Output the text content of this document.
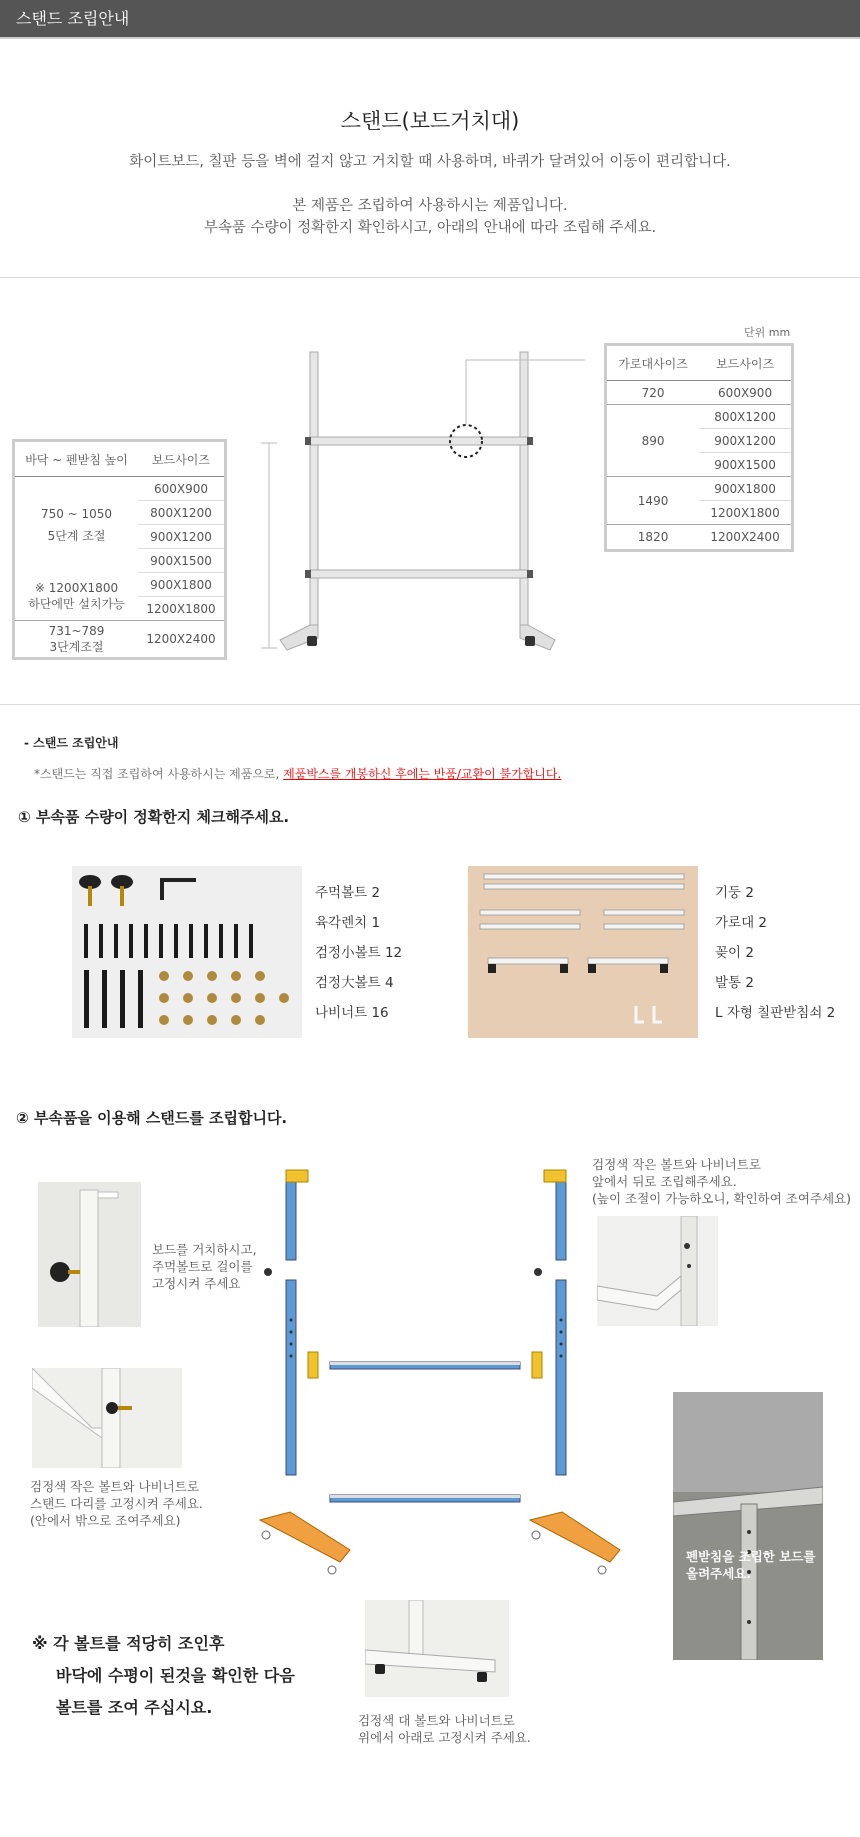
스탠드 조립안내
스탠드(보드거치대)
화이트보드, 칠판 등을 벽에 걸지 않고 거치할 때 사용하며, 바퀴가 달려있어 이동이 편리합니다.
본 제품은 조립하여 사용하시는 제품입니다.
부속품 수량이 정확한지 확인하시고, 아래의 안내에 따라 조립해 주세요.
바닥 ~ 펜받침 높이	보드사이즈

750 ~ 1050
5단계 조절	600X900
	800X1200
	900X1200
	900X1500

※ 1200X1800
하단에만 설치가능	900X1800
	1200X1800

731~789
3단계조절	1200X2400
단위 mm
가로대사이즈	보드사이즈
720	600X900
890	800X1200
	900X1200
	900X1500
1490	900X1800
	1200X1800
1820	1200X2400
- 스탠드 조립안내
*스탠드는 직접 조립하여 사용하시는 제품으로, 제품박스를 개봉하신 후에는 반품/교환이 불가합니다.
① 부속품 수량이 정확한지 체크해주세요.
주먹볼트 2
육각렌치 1
검정小볼트 12
검정大볼트 4
나비너트 16
기둥 2
가로대 2
꽂이 2
발통 2
L 자형 칠판받침쇠 2
② 부속품을 이용해 스탠드를 조립합니다.
보드를 거치하시고,
주먹볼트로 걸이를
고정시켜 주세요
검정색 작은 볼트와 나비너트로
앞에서 뒤로 조립해주세요.
(높이 조절이 가능하오니, 확인하여 조여주세요)
검정색 작은 볼트와 나비너트로
스탠드 다리를 고정시켜 주세요.
(안에서 밖으로 조여주세요)
펜받침을 조립한 보드를
올려주세요.
검정색 대 볼트와 나비너트로
위에서 아래로 고정시켜 주세요.
※ 각 볼트를 적당히 조인후
바닥에 수평이 된것을 확인한 다음
볼트를 조여 주십시요.
